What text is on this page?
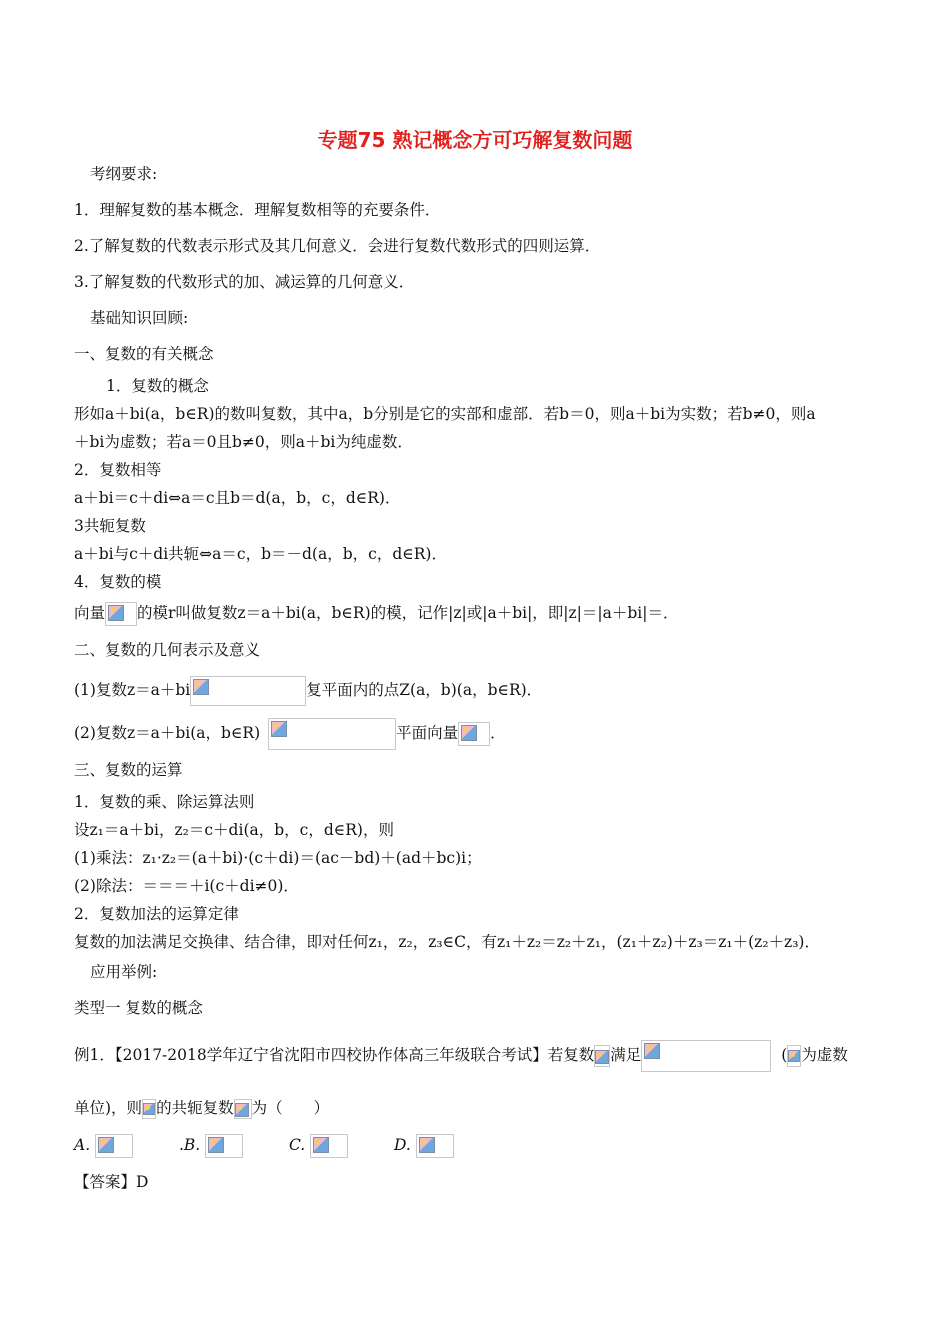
专题75 熟记概念方可巧解复数问题
考纲要求:
1．理解复数的基本概念．理解复数相等的充要条件．
2.了解复数的代数表示形式及其几何意义．会进行复数代数形式的四则运算．
3.了解复数的代数形式的加、减运算的几何意义．
基础知识回顾:
一、复数的有关概念
1．复数的概念
形如a＋bi(a，b∈R)的数叫复数，其中a，b分别是它的实部和虚部．若b＝0，则a＋bi为实数；若b≠0，则a
＋bi为虚数；若a＝0且b≠0，则a＋bi为纯虚数．
2．复数相等
a＋bi＝c＋di⇔a＝c且b＝d(a，b，c，d∈R)．
3共轭复数
a＋bi与c＋di共轭⇔a＝c，b＝－d(a，b，c，d∈R)．
4．复数的模
向量 的模r叫做复数z＝a＋bi(a，b∈R)的模，记作|z|或|a＋bi|，即|z|＝|a＋bi|＝．
二、复数的几何表示及意义
(1)复数z＝a＋bi	复平面内的点Z(a，b)(a，b∈R)．
(2)复数z＝a＋bi(a，b∈R)	平面向量 ．
三、复数的运算
1．复数的乘、除运算法则
设z₁＝a＋bi，z₂＝c＋di(a，b，c，d∈R)，则
(1)乘法：z₁·z₂＝(a＋bi)·(c＋di)＝(ac－bd)＋(ad＋bc)i；
(2)除法：＝＝＝＋i(c＋di≠0)．
2．复数加法的运算定律
复数的加法满足交换律、结合律，即对任何z₁，z₂，z₃∈C，有z₁＋z₂＝z₂＋z₁，(z₁＋z₂)＋z₃＝z₁＋(z₂＋z₃)．
应用举例:
类型一 复数的概念
例1．【2017-2018学年辽宁省沈阳市四校协作体高三年级联合考试】若复数 满足	( 为虚数
单位)，则 的共轭复数 为（　　）
A.	.B.	C.	D.
【答案】D
